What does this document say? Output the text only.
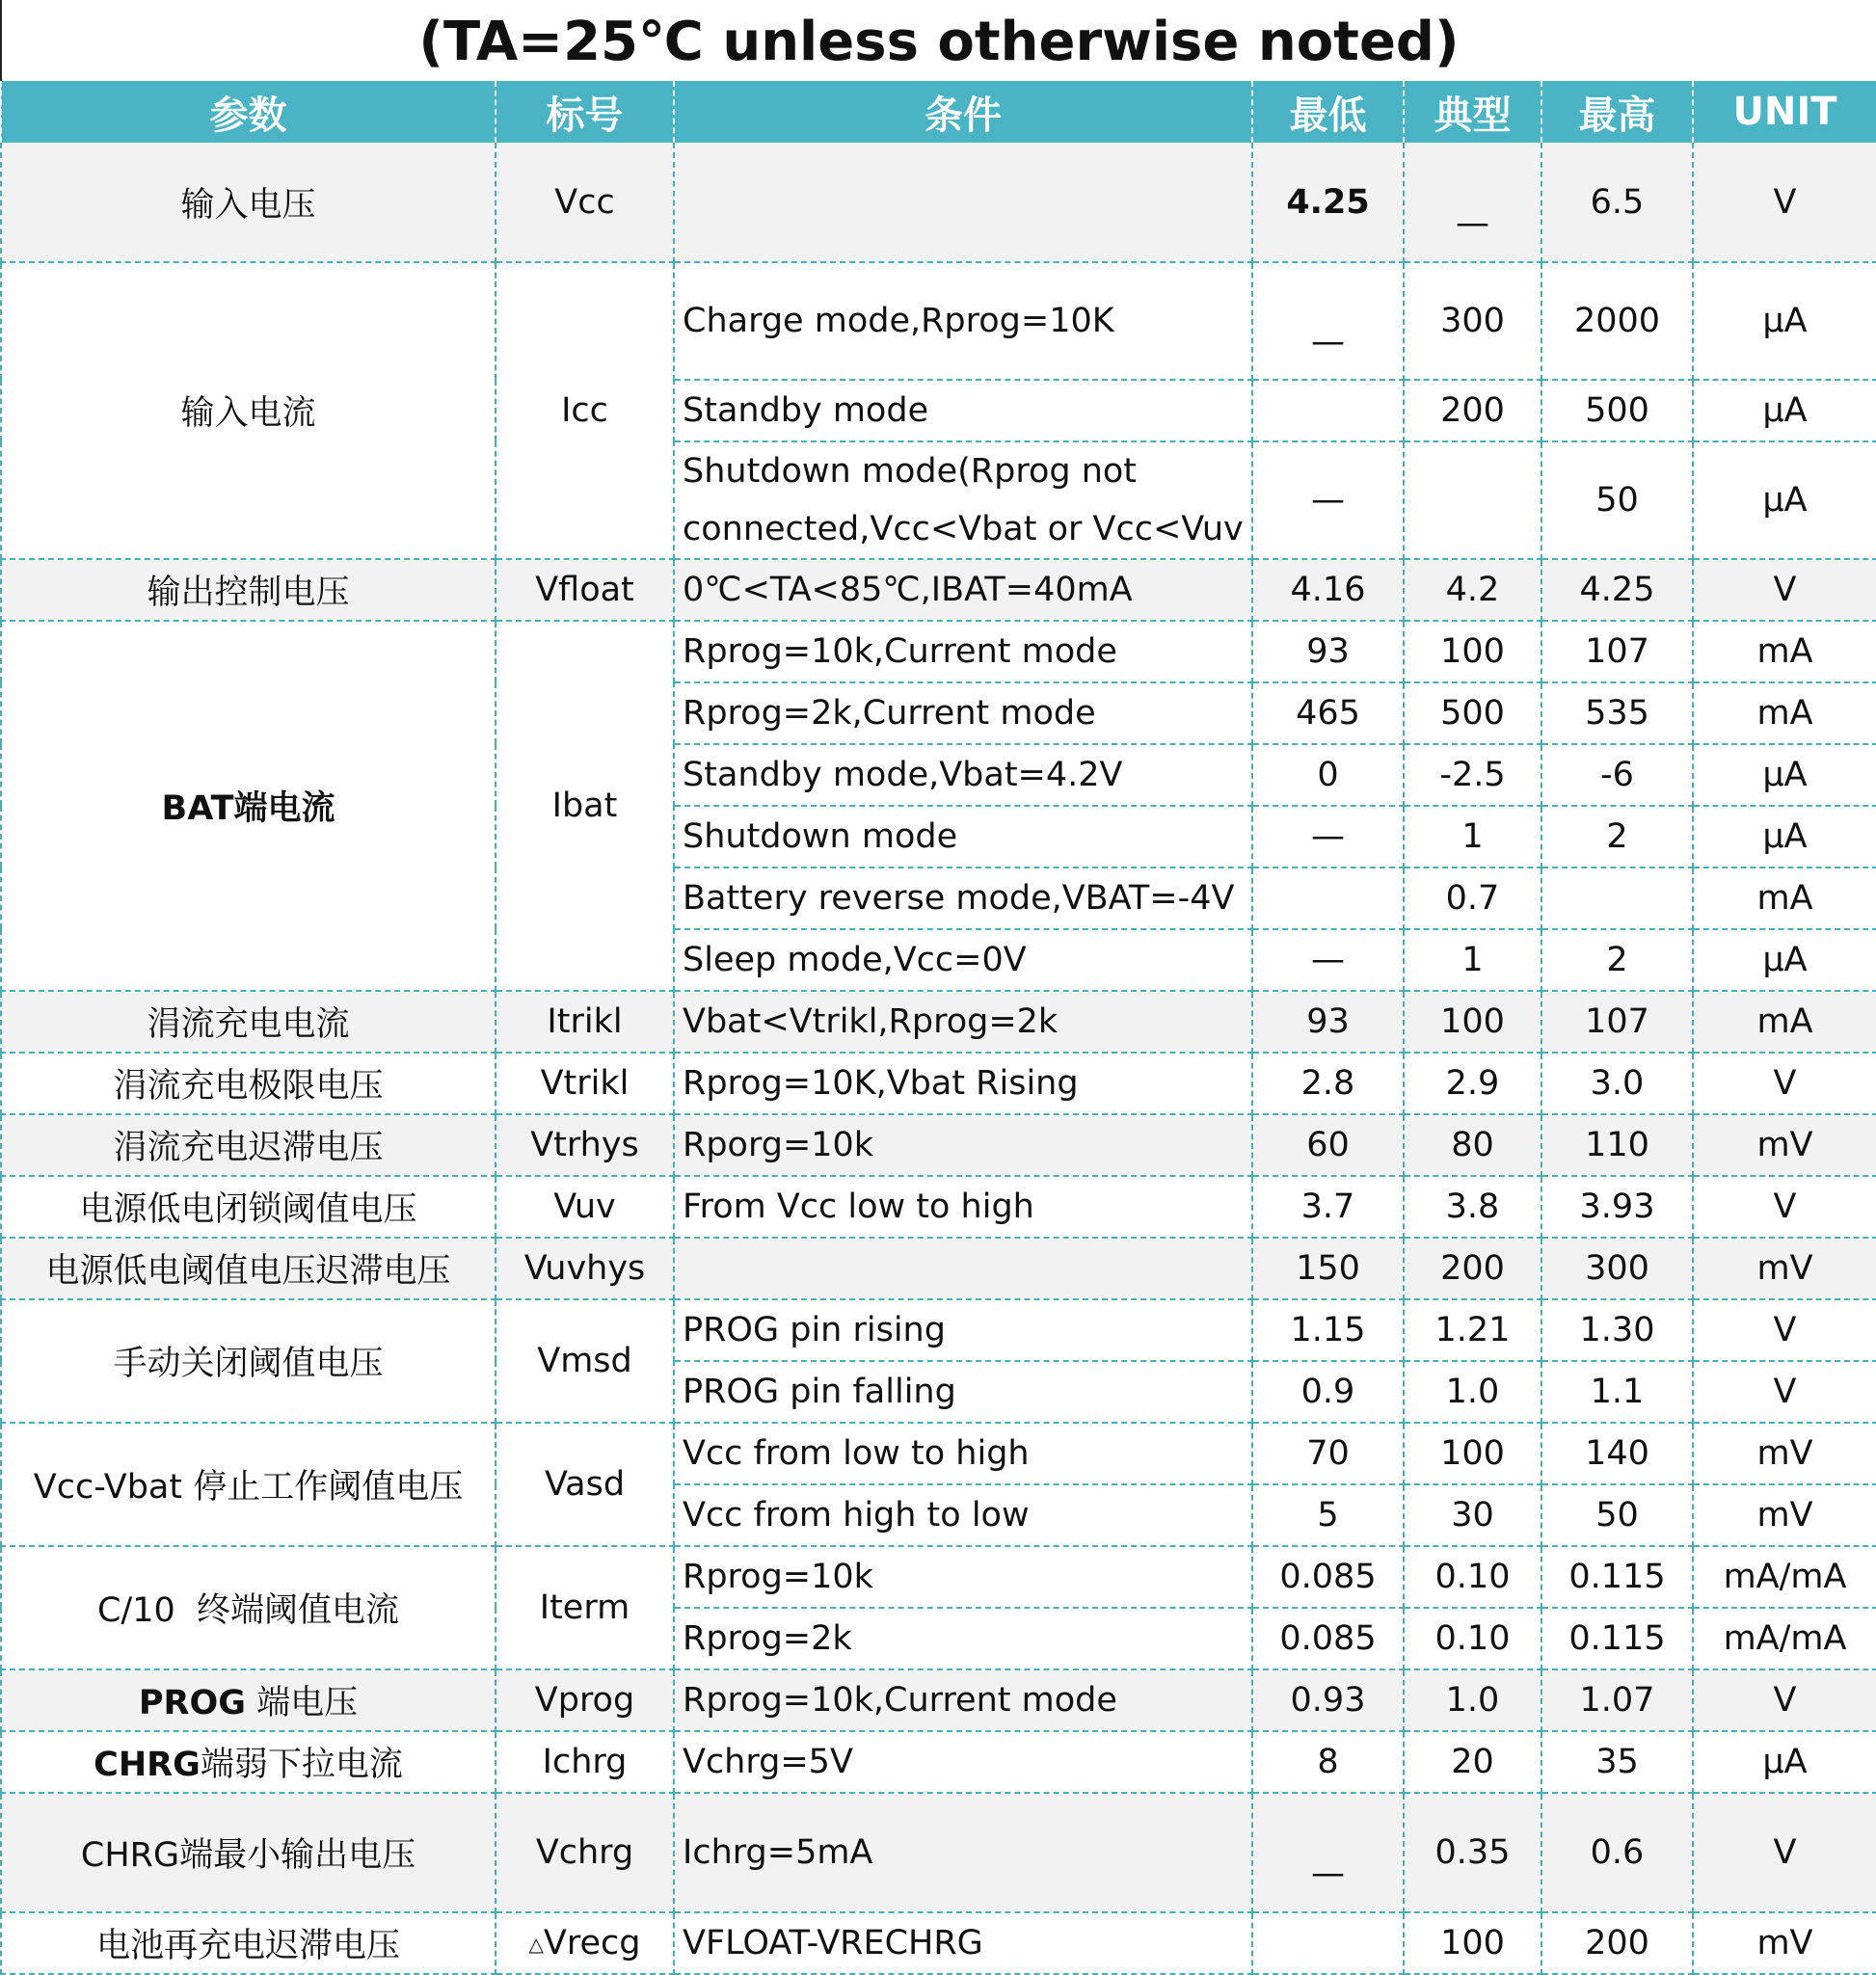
(TA=25℃ unless otherwise noted)
参数	标号	条件	最低	典型	最高	UNIT
输入电压	Vcc		4.25	—	6.5	V
输入电流	Icc	Charge mode,Rprog=10K	—	300	2000	μA
		Standby mode		200	500	μA
		Shutdown mode(Rprog not connected,Vcc<Vbat or Vcc<Vuv	—		50	μA
输出控制电压	Vfloat	0℃<TA<85℃,IBAT=40mA	4.16	4.2	4.25	V
BAT端电流	Ibat	Rprog=10k,Current mode	93	100	107	mA
		Rprog=2k,Current mode	465	500	535	mA
		Standby mode,Vbat=4.2V	0	-2.5	-6	μA
		Shutdown mode	—	1	2	μA
		Battery reverse mode,VBAT=-4V		0.7		mA
		Sleep mode,Vcc=0V	—	1	2	μA
涓流充电电流	Itrikl	Vbat<Vtrikl,Rprog=2k	93	100	107	mA
涓流充电极限电压	Vtrikl	Rprog=10K,Vbat Rising	2.8	2.9	3.0	V
涓流充电迟滞电压	Vtrhys	Rporg=10k	60	80	110	mV
电源低电闭锁阈值电压	Vuv	From Vcc low to high	3.7	3.8	3.93	V
电源低电阈值电压迟滞电压	Vuvhys		150	200	300	mV
手动关闭阈值电压	Vmsd	PROG pin rising	1.15	1.21	1.30	V
		PROG pin falling	0.9	1.0	1.1	V
Vcc-Vbat 停止工作阈值电压	Vasd	Vcc from low to high	70	100	140	mV
		Vcc from high to low	5	30	50	mV
C/10  终端阈值电流	Iterm	Rprog=10k	0.085	0.10	0.115	mA/mA
		Rprog=2k	0.085	0.10	0.115	mA/mA
PROG 端电压	Vprog	Rprog=10k,Current mode	0.93	1.0	1.07	V
CHRG端弱下拉电流	Ichrg	Vchrg=5V	8	20	35	μA
CHRG端最小输出电压	Vchrg	Ichrg=5mA	—	0.35	0.6	V
电池再充电迟滞电压	△Vrecg	VFLOAT-VRECHRG		100	200	mV
